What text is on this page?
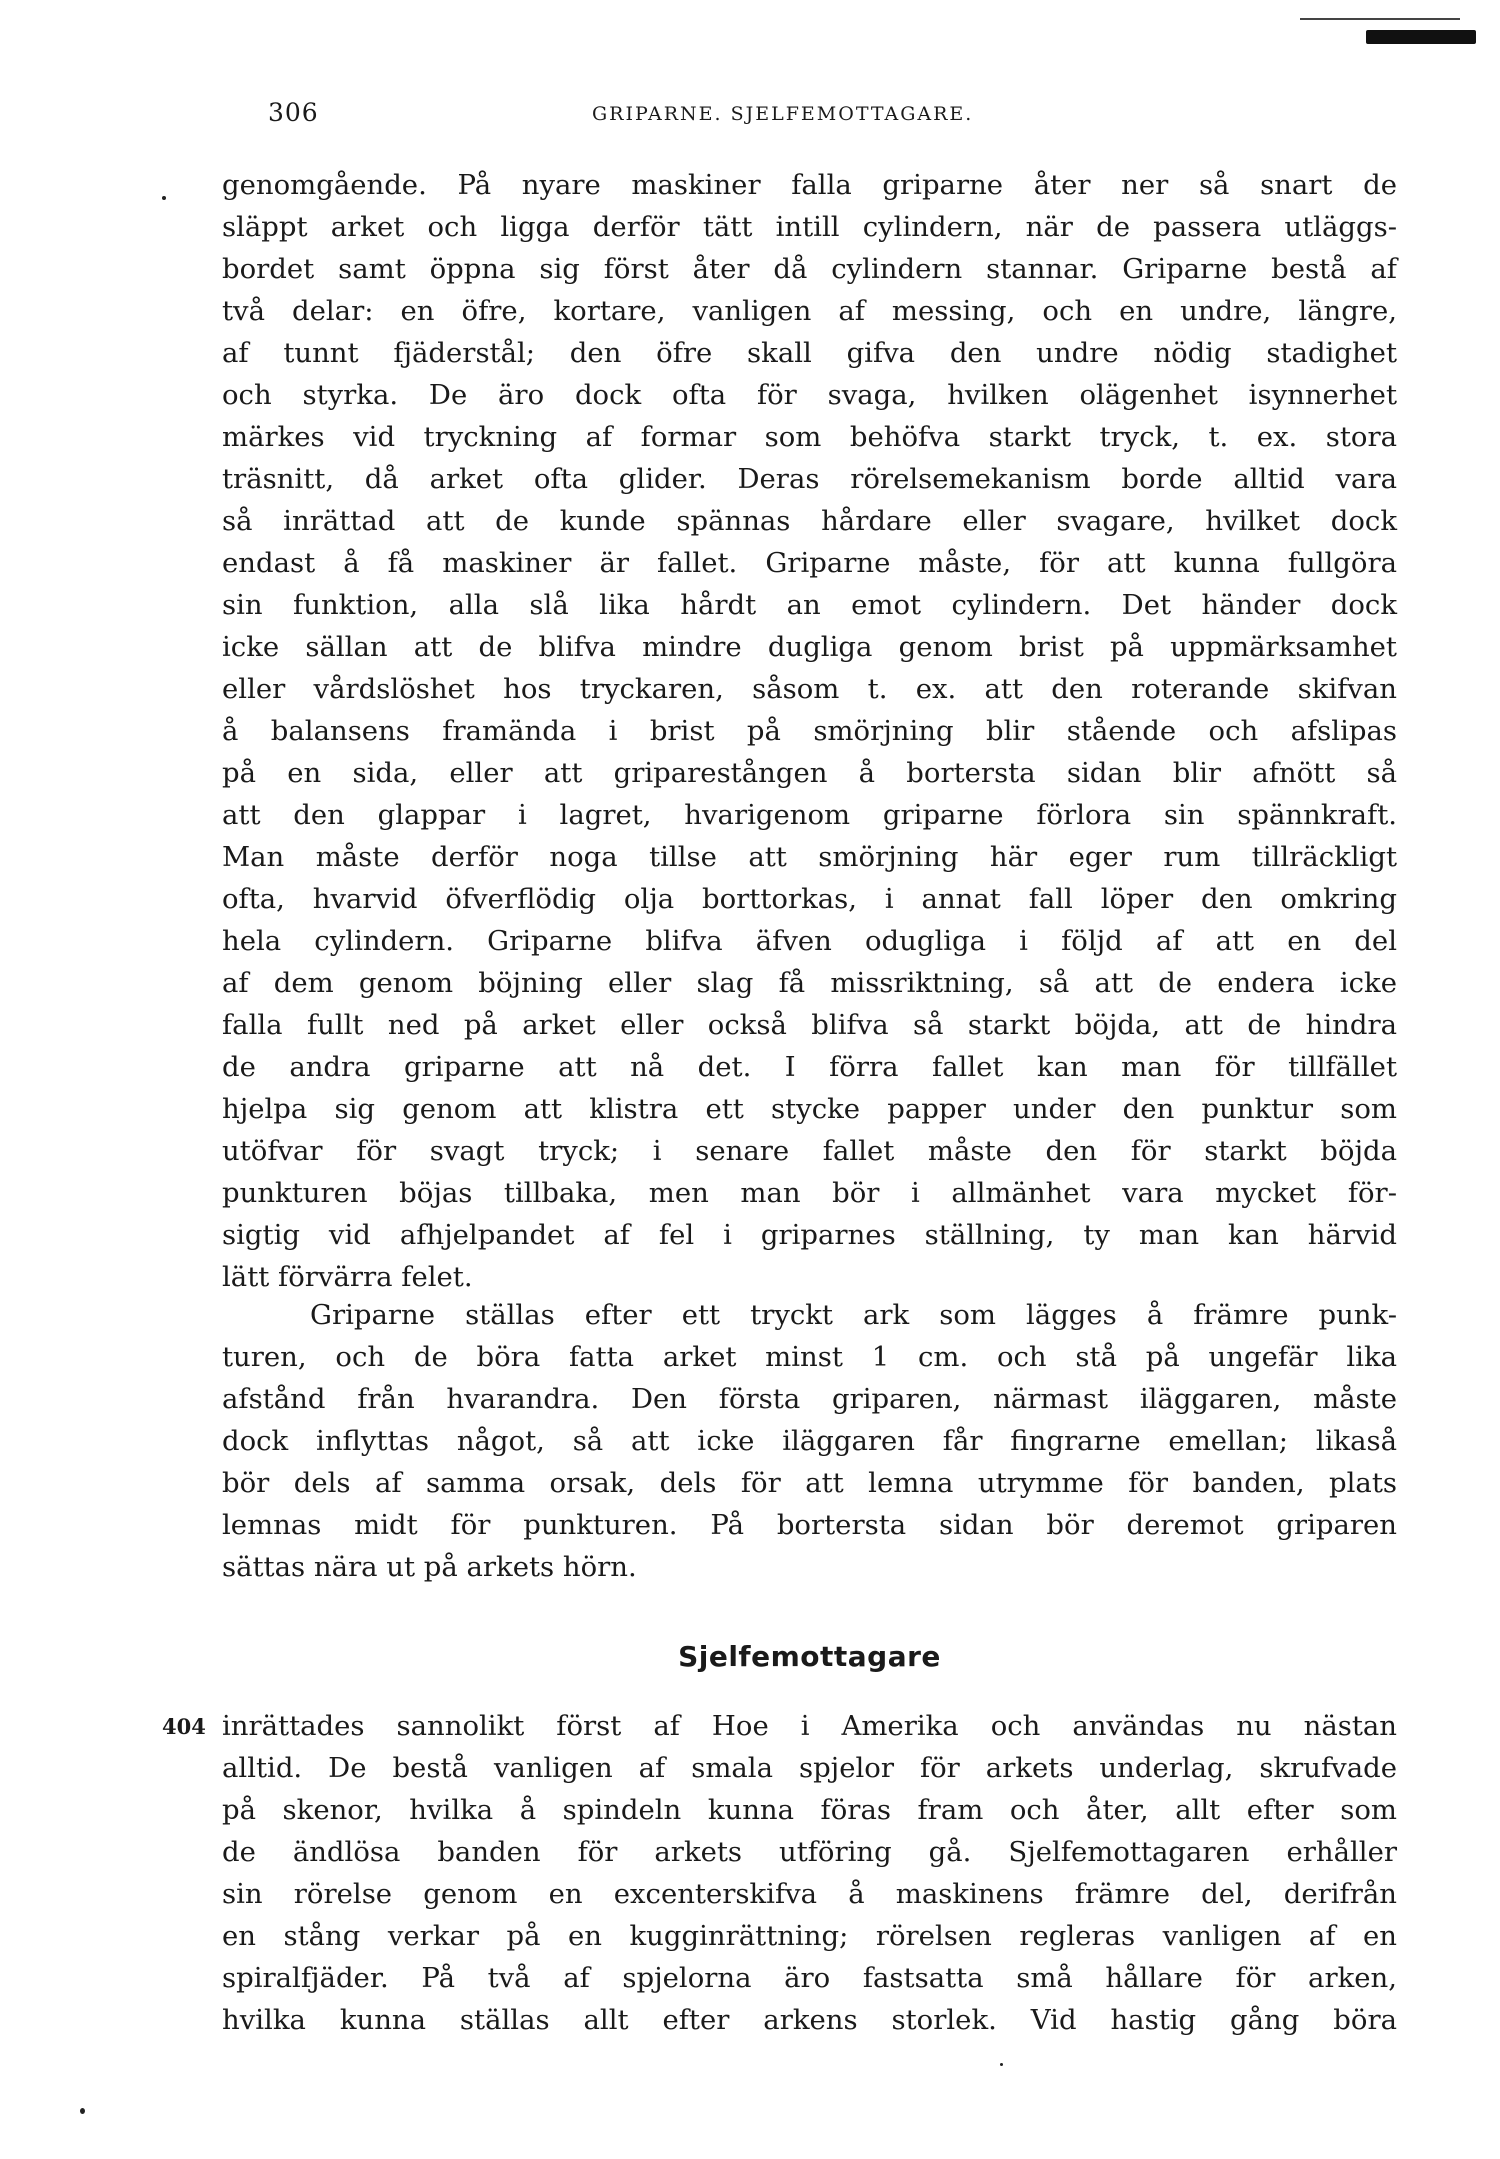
306	GRIPARNE. SJELFEMOTTAGARE.
genomgående. På nyare maskiner falla griparne åter ner så snart de
släppt arket och ligga derför tätt intill cylindern, när de passera utläggs-
bordet samt öppna sig först åter då cylindern stannar. Griparne bestå af
två delar: en öfre, kortare, vanligen af messing, och en undre, längre,
af tunnt fjäderstål; den öfre skall gifva den undre nödig stadighet
och styrka. De äro dock ofta för svaga, hvilken olägenhet isynnerhet
märkes vid tryckning af formar som behöfva starkt tryck, t. ex. stora
träsnitt, då arket ofta glider. Deras rörelsemekanism borde alltid vara
så inrättad att de kunde spännas hårdare eller svagare, hvilket dock
endast å få maskiner är fallet. Griparne måste, för att kunna fullgöra
sin funktion, alla slå lika hårdt an emot cylindern. Det händer dock
icke sällan att de blifva mindre dugliga genom brist på uppmärksamhet
eller vårdslöshet hos tryckaren, såsom t. ex. att den roterande skifvan
å balansens framända i brist på smörjning blir stående och afslipas
på en sida, eller att griparestången å bortersta sidan blir afnött så
att den glappar i lagret, hvarigenom griparne förlora sin spännkraft.
Man måste derför noga tillse att smörjning här eger rum tillräckligt
ofta, hvarvid öfverflödig olja borttorkas, i annat fall löper den omkring
hela cylindern. Griparne blifva äfven odugliga i följd af att en del
af dem genom böjning eller slag få missriktning, så att de endera icke
falla fullt ned på arket eller också blifva så starkt böjda, att de hindra
de andra griparne att nå det. I förra fallet kan man för tillfället
hjelpa sig genom att klistra ett stycke papper under den punktur som
utöfvar för svagt tryck; i senare fallet måste den för starkt böjda
punkturen böjas tillbaka, men man bör i allmänhet vara mycket för-
sigtig vid afhjelpandet af fel i griparnes ställning, ty man kan härvid
lätt förvärra felet.
Griparne ställas efter ett tryckt ark som lägges å främre punk-
turen, och de böra fatta arket minst 1 cm. och stå på ungefär lika
afstånd från hvarandra. Den första griparen, närmast iläggaren, måste
dock inflyttas något, så att icke iläggaren får fingrarne emellan; likaså
bör dels af samma orsak, dels för att lemna utrymme för banden, plats
lemnas midt för punkturen. På bortersta sidan bör deremot griparen
sättas nära ut på arkets hörn.
Sjelfemottagare
404 inrättades sannolikt först af Hoe i Amerika och användas nu nästan
alltid. De bestå vanligen af smala spjelor för arkets underlag, skrufvade
på skenor, hvilka å spindeln kunna föras fram och åter, allt efter som
de ändlösa banden för arkets utföring gå. Sjelfemottagaren erhåller
sin rörelse genom en excenterskifva å maskinens främre del, derifrån
en stång verkar på en kugginrättning; rörelsen regleras vanligen af en
spiralfjäder. På två af spjelorna äro fastsatta små hållare för arken,
hvilka kunna ställas allt efter arkens storlek. Vid hastig gång böra
